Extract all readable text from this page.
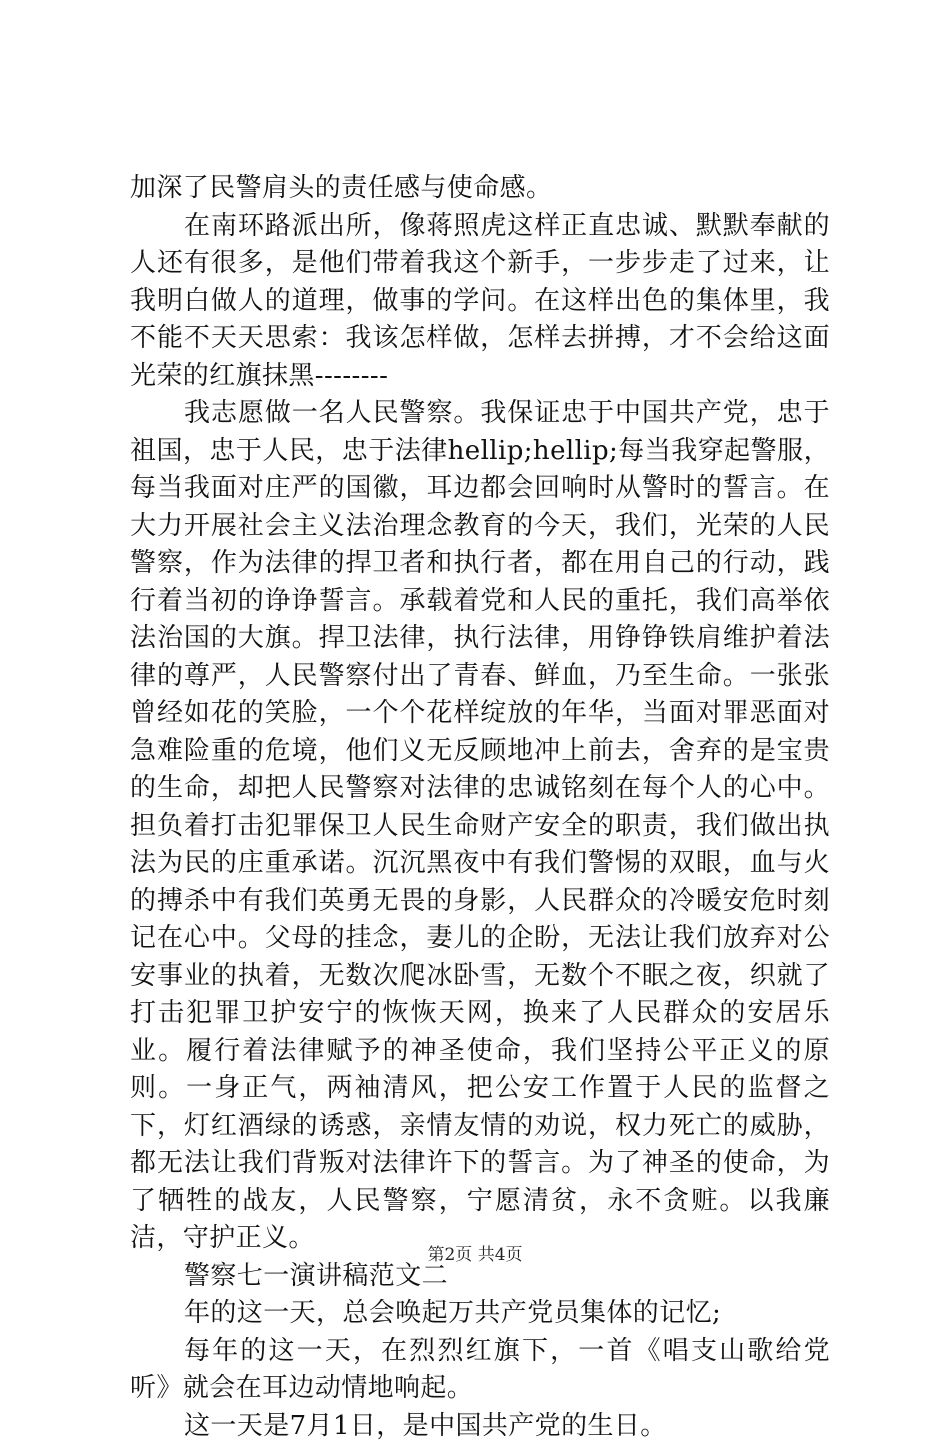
加深了民警肩头的责任感与使命感。

在南环路派出所，像蒋照虎这样正直忠诚、默默奉献的人还有很多，是他们带着我这个新手，一步步走了过来，让我明白做人的道理，做事的学问。在这样出色的集体里，我不能不天天思索：我该怎样做，怎样去拼搏，才不会给这面光荣的红旗抹黑--------

我志愿做一名人民警察。我保证忠于中国共产党，忠于祖国，忠于人民，忠于法律hellip;hellip;每当我穿起警服，每当我面对庄严的国徽，耳边都会回响时从警时的誓言。在大力开展社会主义法治理念教育的今天，我们，光荣的人民警察，作为法律的捍卫者和执行者，都在用自己的行动，践行着当初的诤诤誓言。承载着党和人民的重托，我们高举依法治国的大旗。捍卫法律，执行法律，用铮铮铁肩维护着法律的尊严，人民警察付出了青春、鲜血，乃至生命。一张张曾经如花的笑脸，一个个花样绽放的年华，当面对罪恶面对急难险重的危境，他们义无反顾地冲上前去，舍弃的是宝贵的生命，却把人民警察对法律的忠诚铭刻在每个人的心中。担负着打击犯罪保卫人民生命财产安全的职责，我们做出执法为民的庄重承诺。沉沉黑夜中有我们警惕的双眼，血与火的搏杀中有我们英勇无畏的身影，人民群众的冷暖安危时刻记在心中。父母的挂念，妻儿的企盼，无法让我们放弃对公安事业的执着，无数次爬冰卧雪，无数个不眠之夜，织就了打击犯罪卫护安宁的恢恢天网，换来了人民群众的安居乐业。履行着法律赋予的神圣使命，我们坚持公平正义的原则。一身正气，两袖清风，把公安工作置于人民的监督之下，灯红酒绿的诱惑，亲情友情的劝说，权力死亡的威胁，都无法让我们背叛对法律许下的誓言。为了神圣的使命，为了牺牲的战友，人民警察，宁愿清贫，永不贪赃。以我廉洁，守护正义。

警察七一演讲稿范文二

年的这一天，总会唤起万共产党员集体的记忆;

每年的这一天，在烈烈红旗下，一首《唱支山歌给党听》就会在耳边动情地响起。

这一天是7月1日，是中国共产党的生日。

第2页 共4页
